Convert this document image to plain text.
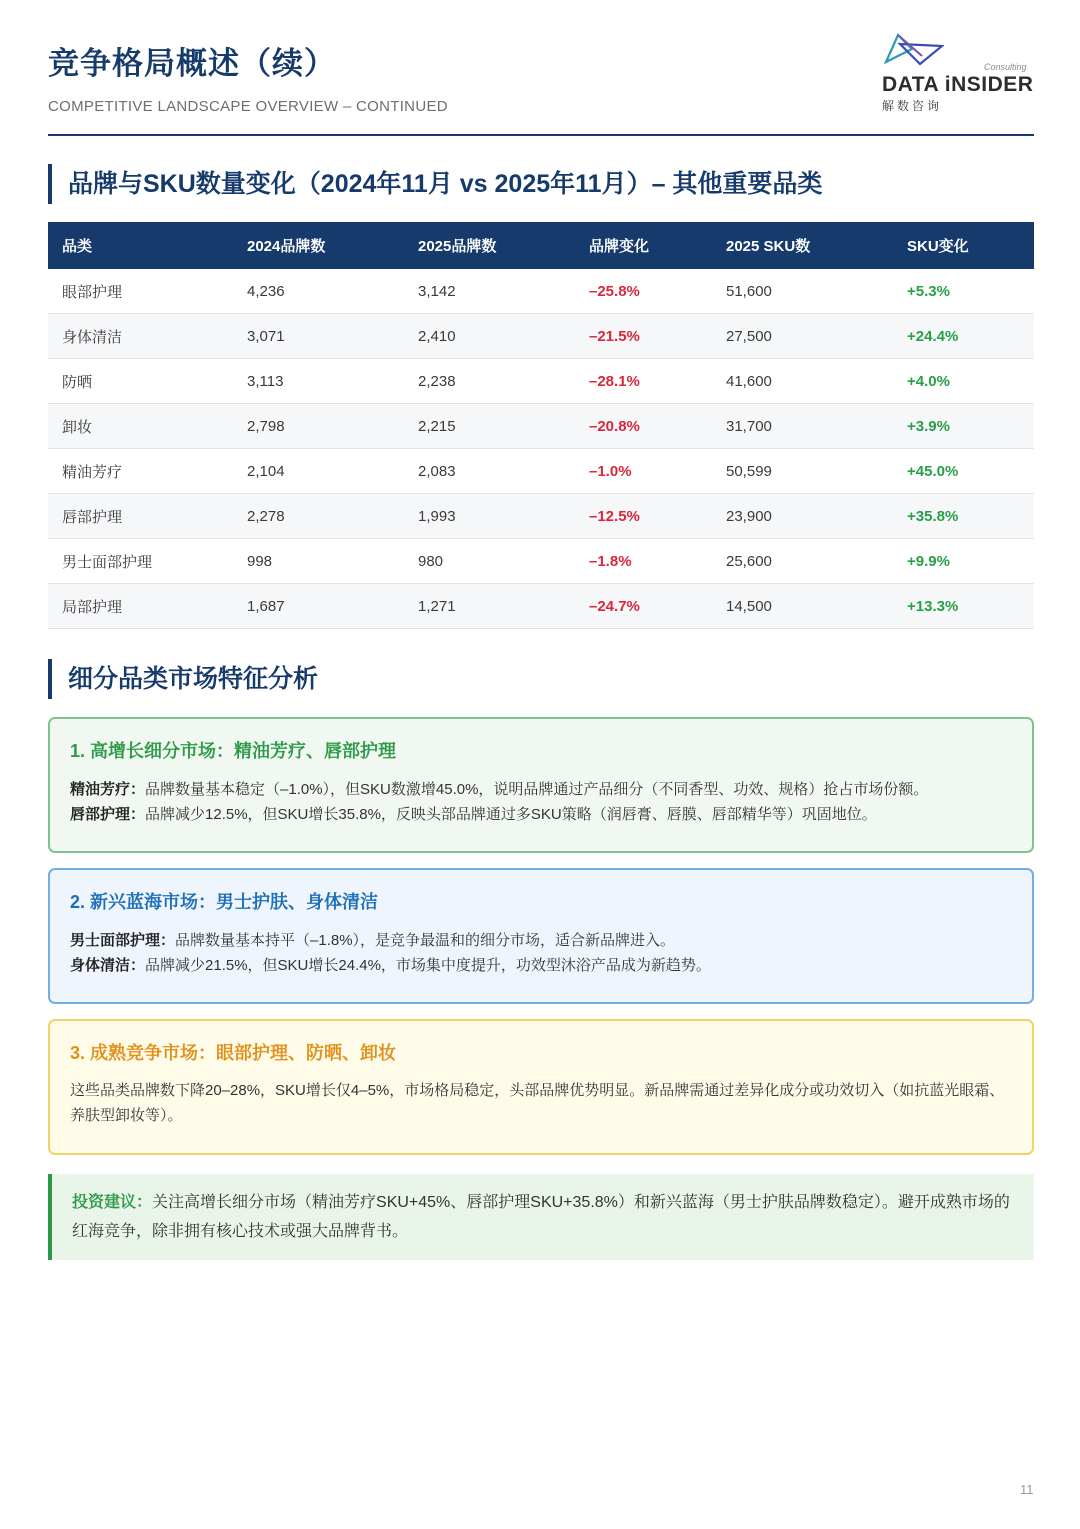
竞争格局概述（续）
COMPETITIVE LANDSCAPE OVERVIEW – CONTINUED
Consulting
DATA iNSIDER
解数咨询
品牌与SKU数量变化（2024年11月 vs 2025年11月）– 其他重要品类
品类	2024品牌数	2025品牌数	品牌变化	2025 SKU数	SKU变化
眼部护理	4,236	3,142	–25.8%	51,600	+5.3%
身体清洁	3,071	2,410	–21.5%	27,500	+24.4%
防晒	3,113	2,238	–28.1%	41,600	+4.0%
卸妆	2,798	2,215	–20.8%	31,700	+3.9%
精油芳疗	2,104	2,083	–1.0%	50,599	+45.0%
唇部护理	2,278	1,993	–12.5%	23,900	+35.8%
男士面部护理	998	980	–1.8%	25,600	+9.9%
局部护理	1,687	1,271	–24.7%	14,500	+13.3%
细分品类市场特征分析
1. 高增长细分市场：精油芳疗、唇部护理
精油芳疗：品牌数量基本稳定（–1.0%），但SKU数激增45.0%，说明品牌通过产品细分（不同香型、功效、规格）抢占市场份额。
唇部护理：品牌减少12.5%，但SKU增长35.8%，反映头部品牌通过多SKU策略（润唇膏、唇膜、唇部精华等）巩固地位。
2. 新兴蓝海市场：男士护肤、身体清洁
男士面部护理：品牌数量基本持平（–1.8%），是竞争最温和的细分市场，适合新品牌进入。
身体清洁：品牌减少21.5%，但SKU增长24.4%，市场集中度提升，功效型沐浴产品成为新趋势。
3. 成熟竞争市场：眼部护理、防晒、卸妆
这些品类品牌数下降20–28%，SKU增长仅4–5%，市场格局稳定，头部品牌优势明显。新品牌需通过差异化成分或功效切入（如抗蓝光眼霜、养肤型卸妆等）。
投资建议：关注高增长细分市场（精油芳疗SKU+45%、唇部护理SKU+35.8%）和新兴蓝海（男士护肤品牌数稳定）。避开成熟市场的红海竞争，除非拥有核心技术或强大品牌背书。
11
